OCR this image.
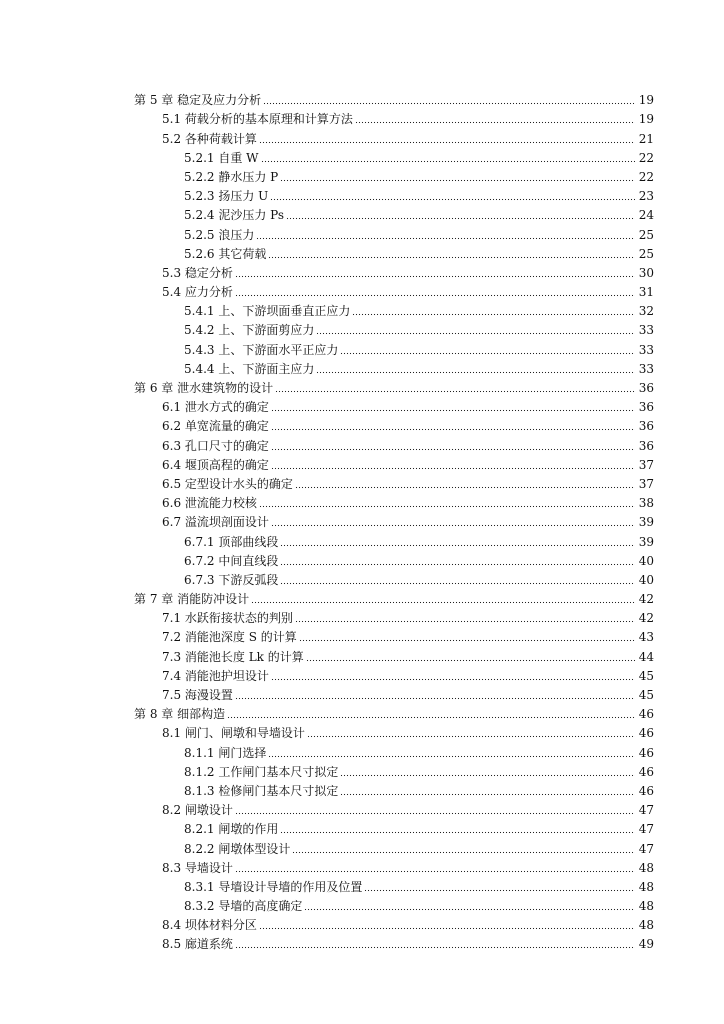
第 5 章 稳定及应力分析	19
5.1 荷载分析的基本原理和计算方法	19
5.2 各种荷载计算	21
5.2.1 自重 W	22
5.2.2 静水压力 P	22
5.2.3 扬压力 U	23
5.2.4 泥沙压力 Ps	24
5.2.5 浪压力	25
5.2.6 其它荷载	25
5.3 稳定分析	30
5.4 应力分析	31
5.4.1 上、下游坝面垂直正应力	32
5.4.2 上、下游面剪应力	33
5.4.3 上、下游面水平正应力	33
5.4.4 上、下游面主应力	33
第 6 章 泄水建筑物的设计	36
6.1 泄水方式的确定	36
6.2 单宽流量的确定	36
6.3 孔口尺寸的确定	36
6.4 堰顶高程的确定	37
6.5 定型设计水头的确定	37
6.6 泄流能力校核	38
6.7 溢流坝剖面设计	39
6.7.1 顶部曲线段	39
6.7.2 中间直线段	40
6.7.3 下游反弧段	40
第 7 章 消能防冲设计	42
7.1 水跃衔接状态的判别	42
7.2 消能池深度 S 的计算	43
7.3 消能池长度 Lk 的计算	44
7.4 消能池护坦设计	45
7.5 海漫设置	45
第 8 章 细部构造	46
8.1 闸门、闸墩和导墙设计	46
8.1.1 闸门选择	46
8.1.2 工作闸门基本尺寸拟定	46
8.1.3 检修闸门基本尺寸拟定	46
8.2 闸墩设计	47
8.2.1 闸墩的作用	47
8.2.2 闸墩体型设计	47
8.3 导墙设计	48
8.3.1 导墙设计导墙的作用及位置	48
8.3.2 导墙的高度确定	48
8.4 坝体材料分区	48
8.5 廊道系统	49
